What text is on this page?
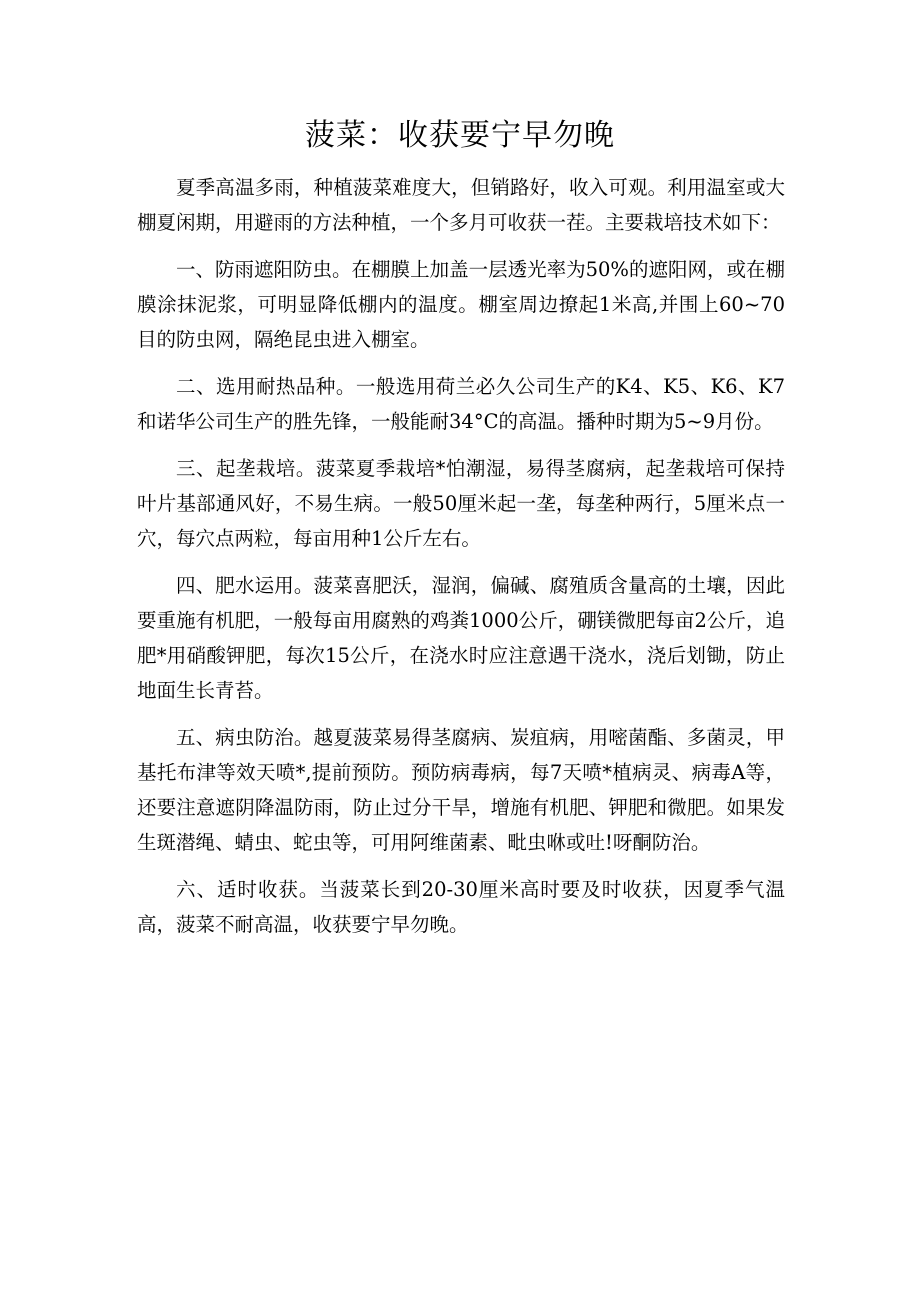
菠菜：收获要宁早勿晚

夏季高温多雨，种植菠菜难度大，但销路好，收入可观。利用温室或大棚夏闲期，用避雨的方法种植，一个多月可收获一茬。主要栽培技术如下：

一、防雨遮阳防虫。在棚膜上加盖一层透光率为50%的遮阳网，或在棚膜涂抹泥浆，可明显降低棚内的温度。棚室周边撩起1米高,并围上60~70目的防虫网，隔绝昆虫进入棚室。

二、选用耐热品种。一般选用荷兰必久公司生产的K4、K5、K6、K7和诺华公司生产的胜先锋，一般能耐34°C的高温。播种时期为5~9月份。

三、起垄栽培。菠菜夏季栽培*怕潮湿，易得茎腐病，起垄栽培可保持叶片基部通风好，不易生病。一般50厘米起一垄，每垄种两行，5厘米点一穴，每穴点两粒，每亩用种1公斤左右。

四、肥水运用。菠菜喜肥沃，湿润，偏碱、腐殖质含量高的土壤，因此要重施有机肥，一般每亩用腐熟的鸡粪1000公斤，硼镁微肥每亩2公斤，追肥*用硝酸钾肥，每次15公斤，在浇水时应注意遇干浇水，浇后划锄，防止地面生长青苔。

五、病虫防治。越夏菠菜易得茎腐病、炭疽病，用嘧菌酯、多菌灵，甲基托布津等效天喷*,提前预防。预防病毒病，每7天喷*植病灵、病毒A等，还要注意遮阴降温防雨，防止过分干旱，增施有机肥、钾肥和微肥。如果发生斑潜绳、蜻虫、蛇虫等，可用阿维菌素、毗虫咻或吐!呀酮防治。

六、适时收获。当菠菜长到20-30厘米高时要及时收获，因夏季气温高，菠菜不耐高温，收获要宁早勿晚。
